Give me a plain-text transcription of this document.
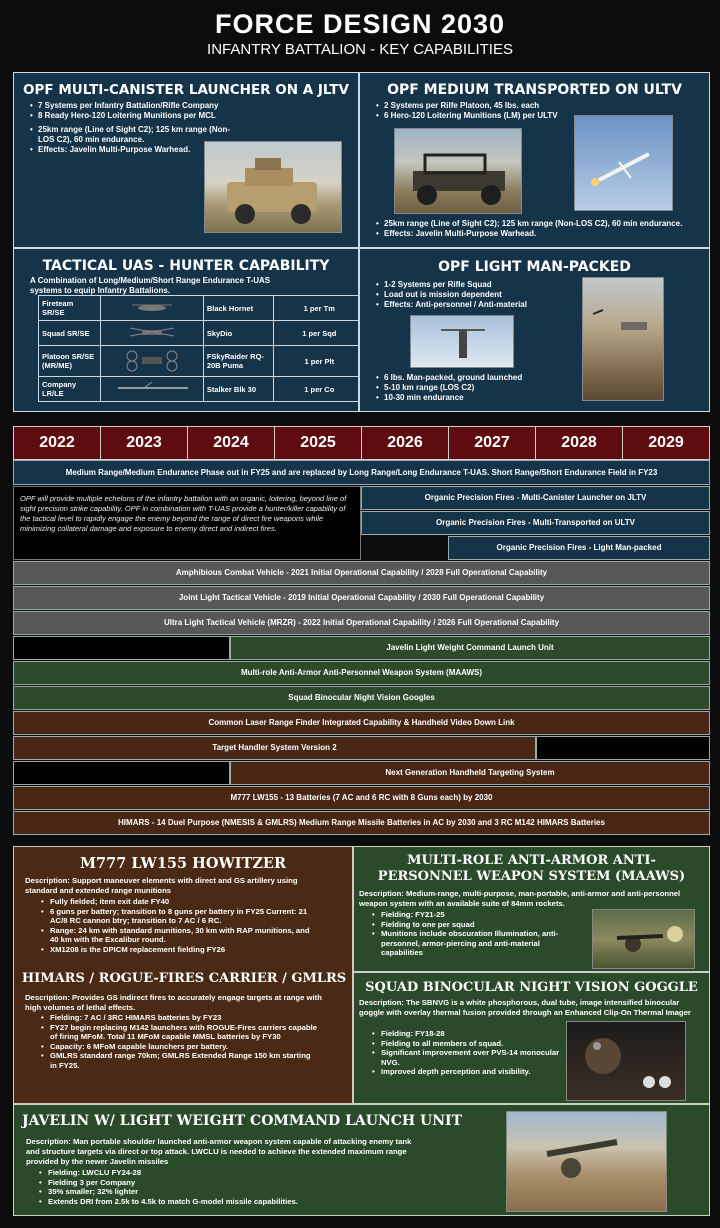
FORCE DESIGN 2030
INFANTRY BATTALION - KEY CAPABILITIES
OPF MULTI-CANISTER LAUNCHER ON A JLTV
• 7 Systems per Infantry Battalion/Rifle Company
• 8 Ready Hero-120 Loitering Munitions per MCL
• 25km range (Line of Sight C2); 125 km range (Non-LOS C2), 60 min endurance.
• Effects: Javelin Multi-Purpose Warhead.
OPF MEDIUM TRANSPORTED ON ULTV
• 2 Systems per Rilfe Platoon, 45 lbs. each
• 6 Hero-120 Loitering Munitions (LM) per ULTV
• 25km range (Line of Sight C2); 125 km range (Non-LOS C2), 60 min endurance.
• Effects: Javelin Multi-Purpose Warhead.
TACTICAL UAS - HUNTER CAPABILITY
A Combination of Long/Medium/Short Range Endurance T-UAS systems to equip Infantry Battalions.
Fireteam SR/SE		Black Hornet	1 per Tm
Squad SR/SE		SkyDio	1 per Sqd
Platoon SR/SE (MR/ME)		FSkyRaider RQ-20B Puma	1 per Plt
Company LR/LE		Stalker Blk 30	1 per Co
OPF LIGHT MAN-PACKED
• 1-2 Systems per Rifle Squad
• Load out is mission dependent
• Effects: Anti-personnel / Anti-material
• 6 lbs. Man-packed, ground launched
• 5-10 km range (LOS C2)
• 10-30 min endurance
2022	2023	2024	2025	2026	2027	2028	2029
Medium Range/Medium Endurance Phase out in FY25 and are replaced by Long Range/Long Endurance T-UAS. Short Range/Short Endurance Field in FY23
OPF will provide multiple echelons of the infantry battalion with an organic, loitering, beyond line of sight precision strike capability. OPF in combination with T-UAS provide a hunter/killer capability of the tactical level to rapidly engage the enemy beyond the range of direct fire weapons while minimizing collateral damage and exposure to enemy direct and indirect fires.
Organic Precision Fires - Multi-Canister Launcher on JLTV
Organic Precision Fires - Multi-Transported on ULTV
Organic Precision Fires - Light Man-packed
Amphibious Combat Vehicle - 2021 Initial Operational Capability / 2028 Full Operational Capability
Joint Light Tactical Vehicle - 2019 Initial Operational Capability / 2030 Full Operational Capability
Ultra Light Tactical Vehicle (MRZR) - 2022 Initial Operational Capability / 2026 Full Operational Capability
Javelin Light Weight Command Launch Unit
Multi-role Anti-Armor Anti-Personnel Weapon System (MAAWS)
Squad Binocular Night Vision Googles
Common Laser Range Finder Integrated Capability & Handheld Video Down Link
Target Handler System Version 2
Next Generation Handheld Targeting System
M777 LW155 - 13 Batteries (7 AC and 6 RC with 8 Guns each) by 2030
HIMARS - 14 Duel Purpose (NMESIS & GMLRS) Medium Range Missile Batteries in AC by 2030 and 3 RC M142 HIMARS Batteries
M777 LW155 HOWITZER
Description: Support maneuver elements with direct and GS artillery using standard and extended range munitions
• Fully fielded; item exit date FY40
• 6 guns per battery; transition to 8 guns per battery in FY25 Current: 21 AC/8 RC cannon btry; transition to 7 AC / 6 RC.
• Range: 24 km with standard munitions, 30 km with RAP munitions, and 40 km with the Excalibur round.
• XM1208 is the DPICM replacement fielding FY26
HIMARS / ROGUE-FIRES CARRIER / GMLRS
Description: Provides GS indirect fires to accurately engage targets at range with high volumes of lethal effects.
• Fielding: 7 AC / 3RC HIMARS batteries by FY23
• FY27 begin replacing M142 launchers with ROGUE-Fires carriers capable of firing MFoM. Total 11 MFoM capable MMSL batteries by FY30
• Capacity: 6 MFoM capable launchers per battery.
• GMLRS standard range 70km; GMLRS Extended Range 150 km starting in FY25.
MULTI-ROLE ANTI-ARMOR ANTI-PERSONNEL WEAPON SYSTEM (MAAWS)
Description: Medium-range, multi-purpose, man-portable, anti-armor and anti-personnel weapon system with an available suite of 84mm rockets.
• Fielding: FY21-25
• Fielding to one per squad
• Munitions include obscuration Illumination, anti-personnel, armor-piercing and anti-material capabilities
SQUAD BINOCULAR NIGHT VISION GOGGLE
Description: The SBNVG is a white phosphorous, dual tube, image intensified binocular goggle with overlay thermal fusion provided through an Enhanced Clip-On Thermal Imager
• Fielding: FY18-28
• Fielding to all members of squad.
• Significant improvement over PVS-14 monocular NVG.
• Improved depth perception and visibility.
JAVELIN W/ LIGHT WEIGHT COMMAND LAUNCH UNIT
Description: Man portable shoulder launched anti-armor weapon system capable of attacking enemy tank and structure targets via direct or top attack. LWCLU is needed to achieve the extended maximum range provided by the newer Javelin missiles
• Fielding: LWCLU FY24-28
• Fielding 3 per Company
• 35% smaller; 32% lighter
• Extends DRI from 2.5k to 4.5k to match G-model missile capabilities.
